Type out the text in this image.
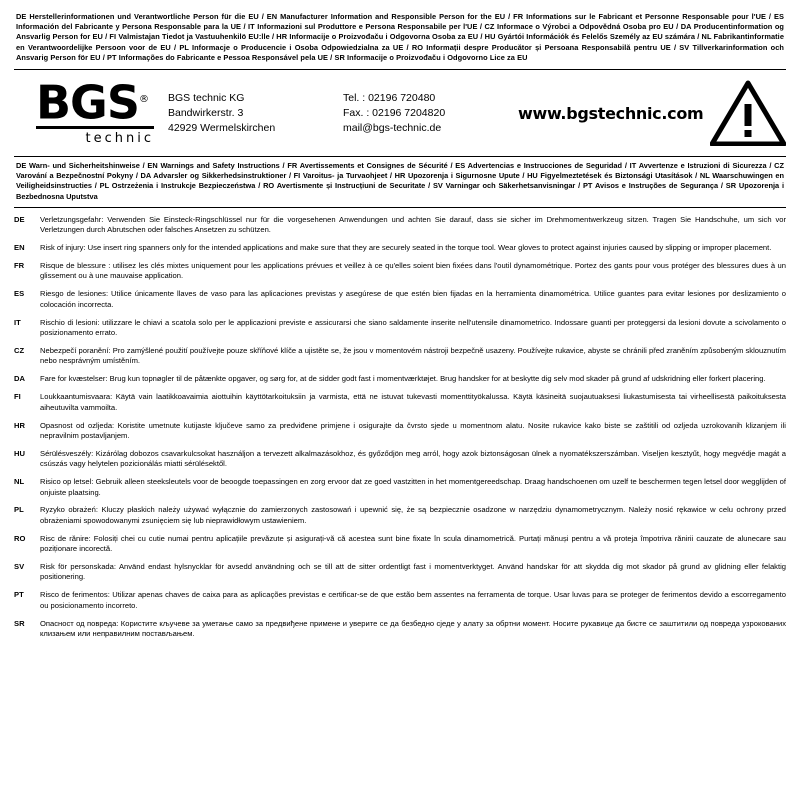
DE Herstellerinformationen und Verantwortliche Person für die EU / EN Manufacturer Information and Responsible Person for the EU / FR Informations sur le Fabricant et Personne Responsable pour l'UE / ES Información del Fabricante y Persona Responsable para la UE / IT Informazioni sul Produttore e Persona Responsabile per l'UE / CZ Informace o Výrobci a Odpovědná Osoba pro EU / DA Producentinformation og Ansvarlig Person for EU / FI Valmistajan Tiedot ja Vastuuhenkilö EU:lle / HR Informacije o Proizvođaču i Odgovorna Osoba za EU / HU Gyártói Információk és Felelős Személy az EU számára / NL Fabrikantinformatie en Verantwoordelijke Persoon voor de EU / PL Informacje o Producencie i Osoba Odpowiedzialna za UE / RO Informații despre Producător și Persoana Responsabilă pentru UE / SV Tillverkarinformation och Ansvarig Person för EU / PT Informações do Fabricante e Pessoa Responsável pela UE / SR Informacije o Proizvođaču i Odgovorno Lice za EU
BGS®
technic
BGS technic KG
Bandwirkerstr. 3
42929 Wermelskirchen
Tel. : 02196 720480
Fax. : 02196 7204820
mail@bgs-technic.de
www.bgstechnic.com
DE Warn- und Sicherheitshinweise / EN Warnings and Safety Instructions / FR Avertissements et Consignes de Sécurité / ES Advertencias e Instrucciones de Seguridad / IT Avvertenze e Istruzioni di Sicurezza / CZ Varování a Bezpečnostní Pokyny / DA Advarsler og Sikkerhedsinstruktioner / FI Varoitus- ja Turvaohjeet / HR Upozorenja i Sigurnosne Upute / HU Figyelmeztetések és Biztonsági Utasítások / NL Waarschuwingen en Veiligheidsinstructies / PL Ostrzeżenia i Instrukcje Bezpieczeństwa / RO Avertismente și Instrucțiuni de Securitate / SV Varningar och Säkerhetsanvisningar / PT Avisos e Instruções de Segurança / SR Upozorenja i Bezbednosna Uputstva
DE	Verletzungsgefahr: Verwenden Sie Einsteck-Ringschlüssel nur für die vorgesehenen Anwendungen und achten Sie darauf, dass sie sicher im Drehmomentwerkzeug sitzen. Tragen Sie Handschuhe, um sich vor Verletzungen durch Abrutschen oder falsches Ansetzen zu schützen.
EN	Risk of injury: Use insert ring spanners only for the intended applications and make sure that they are securely seated in the torque tool. Wear gloves to protect against injuries caused by slipping or improper placement.
FR	Risque de blessure : utilisez les clés mixtes uniquement pour les applications prévues et veillez à ce qu'elles soient bien fixées dans l'outil dynamométrique. Portez des gants pour vous protéger des blessures dues à un glissement ou à une mauvaise application.
ES	Riesgo de lesiones: Utilice únicamente llaves de vaso para las aplicaciones previstas y asegúrese de que estén bien fijadas en la herramienta dinamométrica. Utilice guantes para evitar lesiones por deslizamiento o colocación incorrecta.
IT	Rischio di lesioni: utilizzare le chiavi a scatola solo per le applicazioni previste e assicurarsi che siano saldamente inserite nell'utensile dinamometrico. Indossare guanti per proteggersi da lesioni dovute a scivolamento o posizionamento errato.
CZ	Nebezpečí poranění: Pro zamýšlené použití používejte pouze skříňové klíče a ujistěte se, že jsou v momentovém nástroji bezpečně usazeny. Používejte rukavice, abyste se chránili před zraněním způsobeným sklouznutím nebo nesprávným umístěním.
DA	Fare for kvæstelser: Brug kun topnøgler til de påtænkte opgaver, og sørg for, at de sidder godt fast i momentværktøjet. Brug handsker for at beskytte dig selv mod skader på grund af udskridning eller forkert placering.
FI	Loukkaantumisvaara: Käytä vain laatikkoavaimia aiottuihin käyttötarkoituksiin ja varmista, että ne istuvat tukevasti momenttityökalussa. Käytä käsineitä suojautuaksesi liukastumisesta tai virheellisestä paikoituksesta aiheutuvilta vammoilta.
HR	Opasnost od ozljeda: Koristite umetnute kutijaste ključeve samo za predviđene primjene i osigurajte da čvrsto sjede u momentnom alatu. Nosite rukavice kako biste se zaštitili od ozljeda uzrokovanih klizanjem ili nepravilnim postavljanjem.
HU	Sérülésveszély: Kizárólag dobozos csavarkulcsokat használjon a tervezett alkalmazásokhoz, és győződjön meg arról, hogy azok biztonságosan ülnek a nyomatékszerszámban. Viseljen kesztyűt, hogy megvédje magát a csúszás vagy helytelen pozicionálás miatti sérülésektől.
NL	Risico op letsel: Gebruik alleen steeksleutels voor de beoogde toepassingen en zorg ervoor dat ze goed vastzitten in het momentgereedschap. Draag handschoenen om uzelf te beschermen tegen letsel door wegglijden of onjuiste plaatsing.
PL	Ryzyko obrażeń: Kluczy płaskich należy używać wyłącznie do zamierzonych zastosowań i upewnić się, że są bezpiecznie osadzone w narzędziu dynamometrycznym. Należy nosić rękawice w celu ochrony przed obrażeniami spowodowanymi zsunięciem się lub nieprawidłowym ustawieniem.
RO	Risc de rănire: Folosiți chei cu cutie numai pentru aplicațiile prevăzute și asigurați-vă că acestea sunt bine fixate în scula dinamometrică. Purtați mănuși pentru a vă proteja împotriva rănirii cauzate de alunecare sau poziționare incorectă.
SV	Risk för personskada: Använd endast hylsnycklar för avsedd användning och se till att de sitter ordentligt fast i momentverktyget. Använd handskar för att skydda dig mot skador på grund av glidning eller felaktig positionering.
PT	Risco de ferimentos: Utilizar apenas chaves de caixa para as aplicações previstas e certificar-se de que estão bem assentes na ferramenta de torque. Usar luvas para se proteger de ferimentos devido a escorregamento ou posicionamento incorreto.
SR	Опасност од повреда: Користите кључеве за уметање само за предвиђене примене и уверите се да безбедно сједе у алату за обртни момент. Носите рукавице да бисте се заштитили од повреда узрокованих клизањем или неправилним постављањем.
